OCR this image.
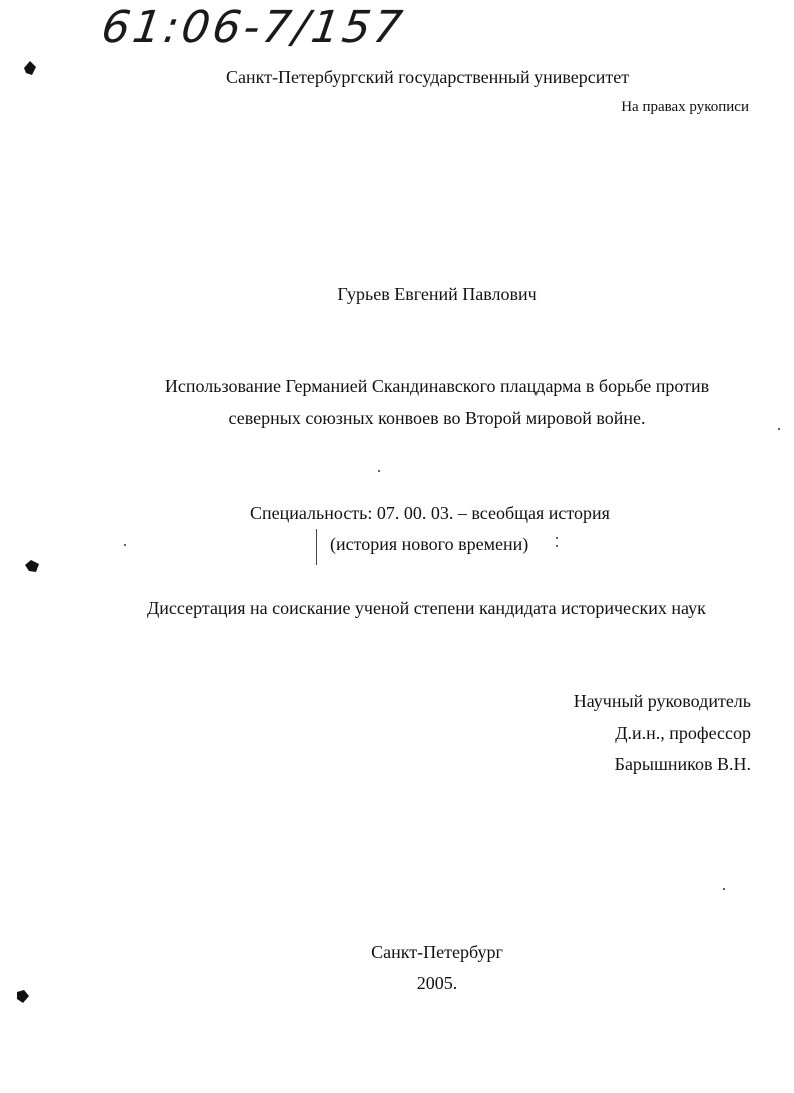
61:06-7/157
Санкт-Петербургский государственный университет
На правах рукописи
Гурьев Евгений Павлович
Использование Германией Скандинавского плацдарма в борьбе против
северных союзных конвоев во Второй мировой войне.
Специальность: 07. 00. 03. – всеобщая история
(история нового времени)
Диссертация на соискание ученой степени кандидата исторических наук
Научный руководитель
Д.и.н., профессор
Барышников В.Н.
Санкт-Петербург
2005.
